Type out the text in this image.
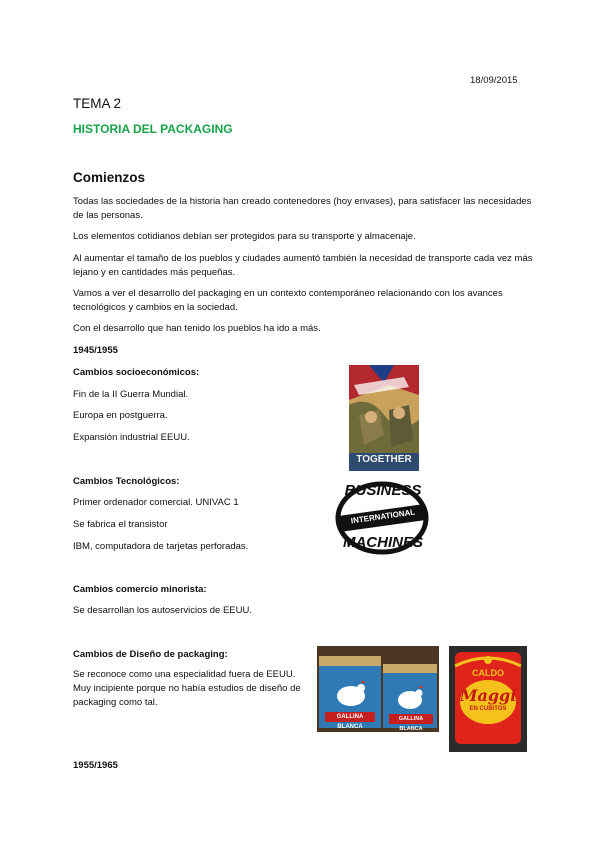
18/09/2015
TEMA 2
HISTORIA DEL PACKAGING
Comienzos
Todas las sociedades de la historia han creado contenedores (hoy envases), para satisfacer las necesidades de las personas.
Los elementos cotidianos debían ser protegidos para su transporte y almacenaje.
Al aumentar el tamaño de los pueblos y ciudades aumentó también la necesidad de transporte cada vez más lejano y en cantidades más pequeñas.
Vamos a ver el desarrollo del packaging en un contexto contemporáneo relacionando con los avances tecnológicos y cambios en la sociedad.
Con el desarrollo que han tenido los pueblos ha ido a más.
1945/1955
Cambios socioeconómicos:
Fin de la II Guerra Mundial.
Europa en postguerra.
Expansión industrial EEUU.
Cambios Tecnológicos:
Primer ordenador comercial. UNIVAC 1
Se fabrica el transistor
IBM, computadora de tarjetas perforadas.
Cambios comercio minorista:
Se desarrollan los autoservicios de EEUU.
Cambios de Diseño de packaging:
Se reconoce como una especialidad fuera de EEUU. Muy incipiente porque no había estudios de diseño de packaging como tal.
1955/1965
TOGETHER
BUSINESS
INTERNATIONAL
MACHINES
GALLINA BLANCA
GALLINA BLANCA
CALDO
Maggi
EN CUBITOS
